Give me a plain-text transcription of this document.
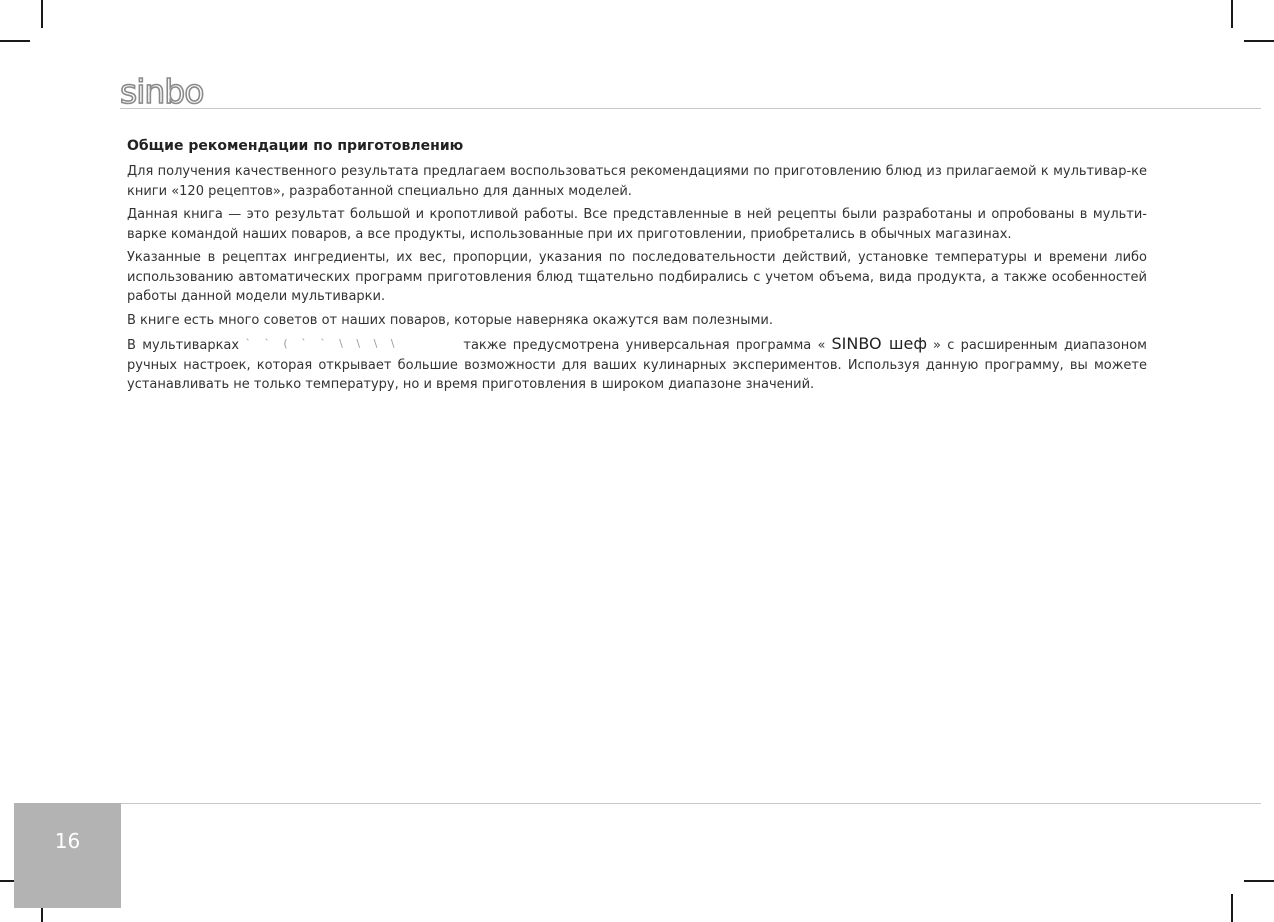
sinbo
Общие рекомендации по приготовлению

Для получения качественного результата предлагаем воспользоваться рекомендациями по приготовлению блюд из прилагаемой к мультивар-ке книги «120 рецептов», разработанной специально для данных моделей.

Данная книга — это результат большой и кропотливой работы. Все представленные в ней рецепты были разработаны и опробованы в мульти-варке командой наших поваров, а все продукты, использованные при их приготовлении, приобретались в обычных магазинах.

Указанные в рецептах ингредиенты, их вес, пропорции, указания по последовательности действий, установке температуры и времени либо использованию автоматических программ приготовления блюд тщательно подбирались с учетом объема, вида продукта, а также особенностей работы данной модели мультиварки.

В книге есть много советов от наших поваров, которые наверняка окажутся вам полезными.

В мультиварках ` ` ( ` ` \ \ \ \	также предусмотрена универсальная программа « SINBO шеф » с расширенным диапазоном ручных настроек, которая открывает большие возможности для ваших кулинарных экспериментов. Используя данную программу, вы можете устанавливать не только температуру, но и время приготовления в широком диапазоне значений.

16
